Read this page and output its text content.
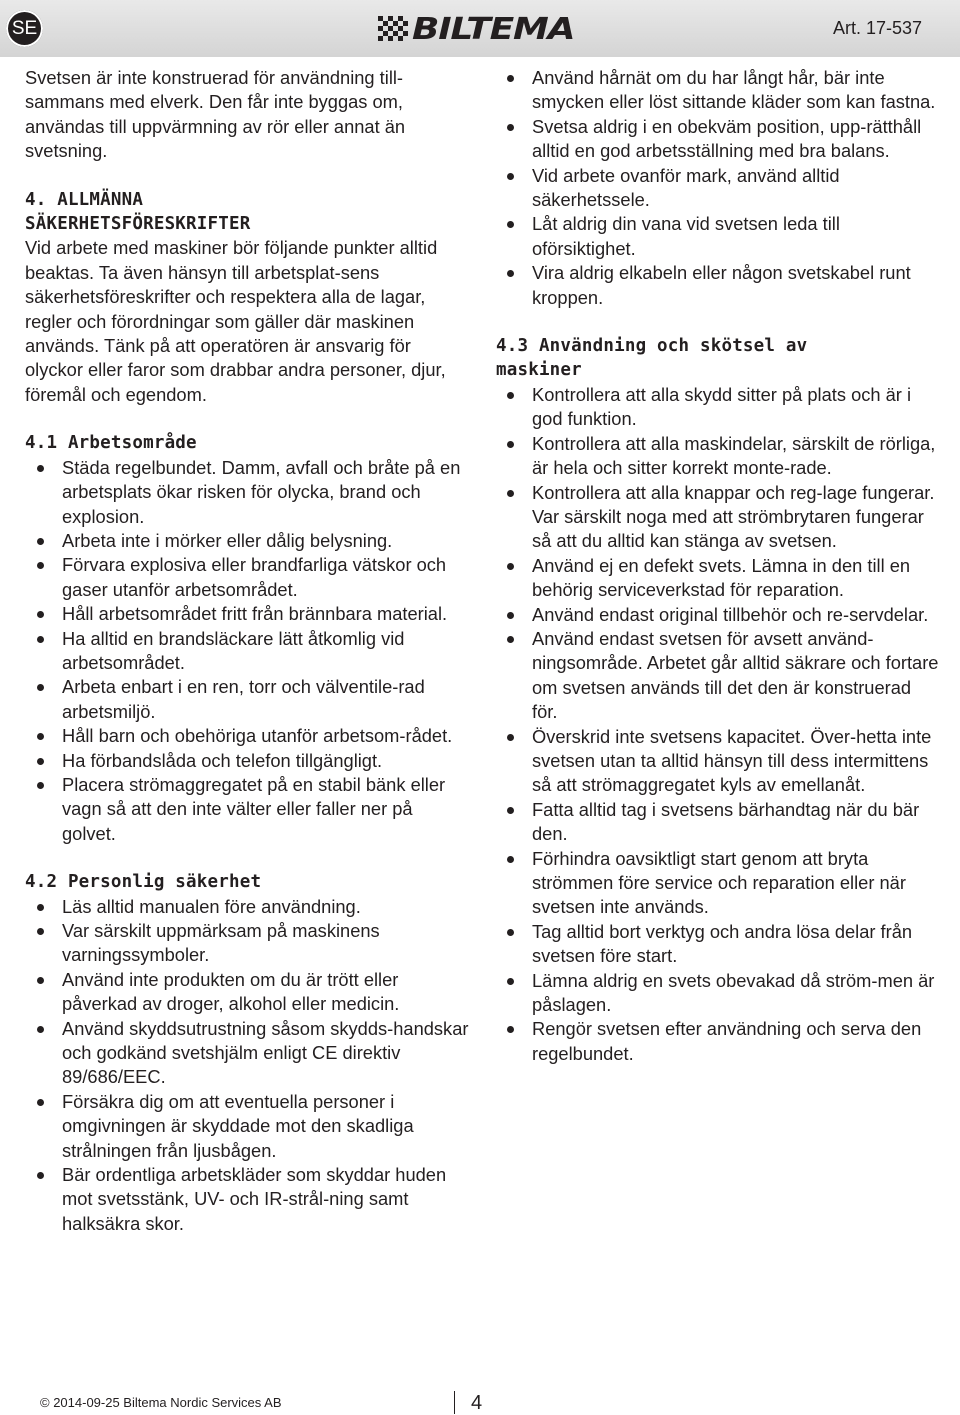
SE	BILTEMA	Art. 17-537

Svetsen är inte konstruerad för användning till-sammans med elverk. Den får inte byggas om, användas till uppvärmning av rör eller annat än svetsning.

4. ALLMÄNNA
SÄKERHETSFÖRESKRIFTER

Vid arbete med maskiner bör följande punkter alltid beaktas. Ta även hänsyn till arbetsplat-sens säkerhetsföreskrifter och respektera alla de lagar, regler och förordningar som gäller där maskinen används. Tänk på att operatören är ansvarig för olyckor eller faror som drabbar andra personer, djur, föremål och egendom.

4.1 Arbetsområde
Städa regelbundet. Damm, avfall och bråte på en arbetsplats ökar risken för olycka, brand och explosion.
Arbeta inte i mörker eller dålig belysning.
Förvara explosiva eller brandfarliga vätskor och gaser utanför arbetsområdet.
Håll arbetsområdet fritt från brännbara material.
Ha alltid en brandsläckare lätt åtkomlig vid arbetsområdet.
Arbeta enbart i en ren, torr och välventile-rad arbetsmiljö.
Håll barn och obehöriga utanför arbetsom-rådet.
Ha förbandslåda och telefon tillgängligt.
Placera strömaggregatet på en stabil bänk eller vagn så att den inte välter eller faller ner på golvet.
4.2 Personlig säkerhet
Läs alltid manualen före användning.
Var särskilt uppmärksam på maskinens varningssymboler.
Använd inte produkten om du är trött eller påverkad av droger, alkohol eller medicin.
Använd skyddsutrustning såsom skydds-handskar och godkänd svetshjälm enligt CE direktiv 89/686/EEC.
Försäkra dig om att eventuella personer i omgivningen är skyddade mot den skadliga strålningen från ljusbågen.
Bär ordentliga arbetskläder som skyddar huden mot svetsstänk, UV- och IR-strål-ning samt halksäkra skor.
Använd hårnät om du har långt hår, bär inte smycken eller löst sittande kläder som kan fastna.
Svetsa aldrig i en obekväm position, upp-rätthåll alltid en god arbetsställning med bra balans.
Vid arbete ovanför mark, använd alltid säkerhetssele.
Låt aldrig din vana vid svetsen leda till oförsiktighet.
Vira aldrig elkabeln eller någon svetskabel runt kroppen.
4.3 Användning och skötsel av
maskiner
Kontrollera att alla skydd sitter på plats och är i god funktion.
Kontrollera att alla maskindelar, särskilt de rörliga, är hela och sitter korrekt monte-rade.
Kontrollera att alla knappar och reg-lage fungerar. Var särskilt noga med att strömbrytaren fungerar så att du alltid kan stänga av svetsen.
Använd ej en defekt svets. Lämna in den till en behörig serviceverkstad för reparation.
Använd endast original tillbehör och re-servdelar.
Använd endast svetsen för avsett använd-ningsområde. Arbetet går alltid säkrare och fortare om svetsen används till det den är konstruerad för.
Överskrid inte svetsens kapacitet. Över-hetta inte svetsen utan ta alltid hänsyn till dess intermittens så att strömaggregatet kyls av emellanåt.
Fatta alltid tag i svetsens bärhandtag när du bär den.
Förhindra oavsiktligt start genom att bryta strömmen före service och reparation eller när svetsen inte används.
Tag alltid bort verktyg och andra lösa delar från svetsen före start.
Lämna aldrig en svets obevakad då ström-men är påslagen.
Rengör svetsen efter användning och serva den regelbundet.
© 2014-09-25 Biltema Nordic Services AB	4
